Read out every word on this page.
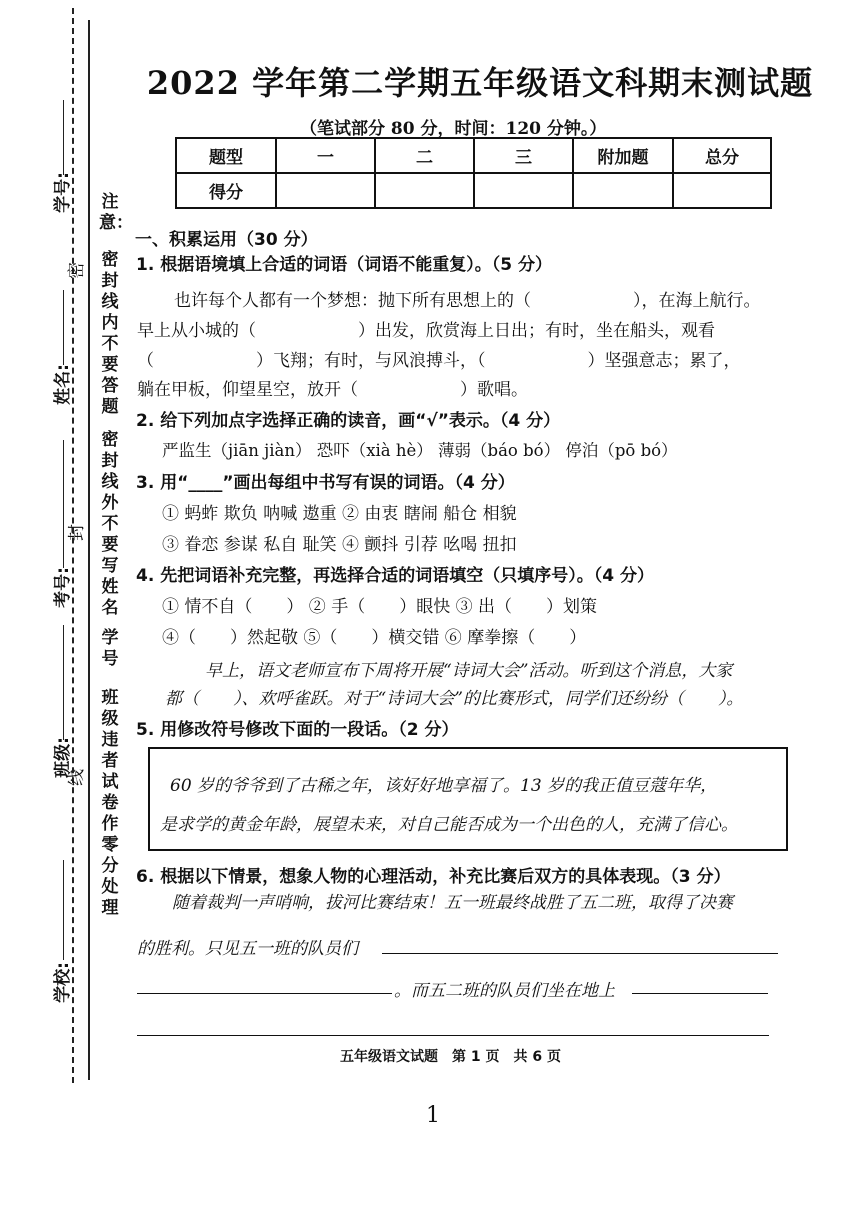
学号:
姓名:
考号:
班级:
学校:
密
封
线
注意：
密封线内不要答题
密封线外不要写姓名
学号
班级违者试卷作零分处理
2022 学年第二学期五年级语文科期末测试题
（笔试部分 80 分，时间：120 分钟。）
题型	一	二	三	附加题	总分
得分					
一、积累运用（30 分）
1. 根据语境填上合适的词语（词语不能重复）。（5 分）
也许每个人都有一个梦想：抛下所有思想上的（　　　　　　），在海上航行。
早上从小城的（　　　　　　）出发，欣赏海上日出；有时，坐在船头，观看
（　　　　　　）飞翔；有时，与风浪搏斗，（　　　　　　）坚强意志；累了，
躺在甲板，仰望星空，放开（　　　　　　）歌唱。
2. 给下列加点字选择正确的读音，画“√”表示。（4 分）
严监生（jiān jiàn） 恐吓（xià hè） 薄弱（báo bó） 停泊（pō bó）
3. 用“____”画出每组中书写有误的词语。（4 分）
① 蚂蚱 欺负 呐喊 遨重 ② 由衷 瞎闹 船仓 相貌
③ 眷恋 参谋 私自 耻笑 ④ 颤抖 引荐 吆喝 扭扣
4. 先把词语补充完整，再选择合适的词语填空（只填序号）。（4 分）
① 情不自（　　） ② 手（　　）眼快 ③ 出（　　）划策
④（　　）然起敬 ⑤（　　）横交错 ⑥ 摩拳擦（　　）
早上，语文老师宣布下周将开展“诗词大会”活动。听到这个消息，大家
都（　　）、欢呼雀跃。对于“诗词大会”的比赛形式，同学们还纷纷（　　）。
5. 用修改符号修改下面的一段话。（2 分）
60 岁的爷爷到了古稀之年，该好好地享福了。13 岁的我正值豆蔻年华，
是求学的黄金年龄，展望未来，对自己能否成为一个出色的人，充满了信心。
6. 根据以下情景，想象人物的心理活动，补充比赛后双方的具体表现。（3 分）
随着裁判一声哨响，拔河比赛结束！五一班最终战胜了五二班，取得了决赛
的胜利。只见五一班的队员们
。而五二班的队员们坐在地上
五年级语文试题　第 1 页　共 6 页
1
